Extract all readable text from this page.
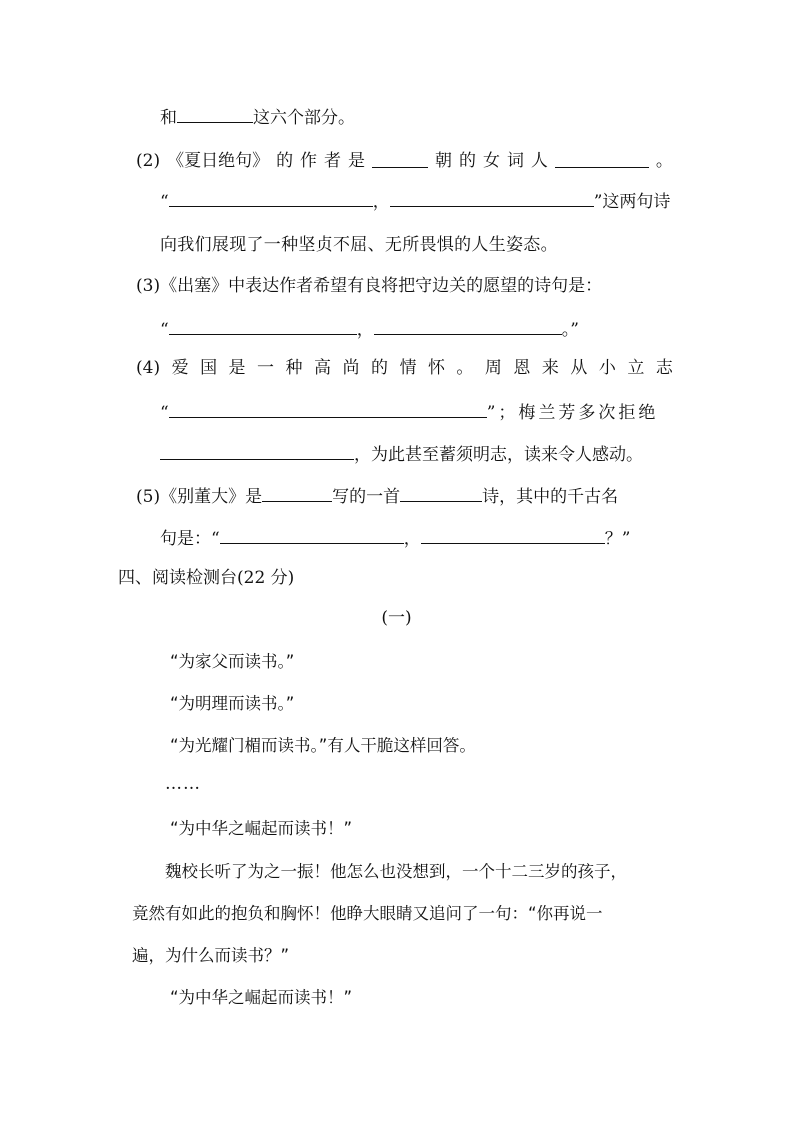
和	这六个部分。
(2) 《夏日绝句》 的 作 者 是	朝 的 女 词 人	。
“	，	”这两句诗
向我们展现了一种坚贞不屈、无所畏惧的人生姿态。
(3)《出塞》中表达作者希望有良将把守边关的愿望的诗句是：
“	，	。”
(4) 爱 国 是 一 种 高 尚 的 情 怀 。 周 恩 来 从 小 立 志
“	”；梅兰芳多次拒绝
，为此甚至蓄须明志，读来令人感动。
(5)《别董大》是	写的一首	诗，其中的千古名
句是：“	，	？”
四、阅读检测台(22 分)
(一)
“为家父而读书。”
“为明理而读书。”
“为光耀门楣而读书。”有人干脆这样回答。
……
“为中华之崛起而读书！”
魏校长听了为之一振！他怎么也没想到，一个十二三岁的孩子，
竟然有如此的抱负和胸怀！他睁大眼睛又追问了一句：“你再说一
遍，为什么而读书？”
“为中华之崛起而读书！”
